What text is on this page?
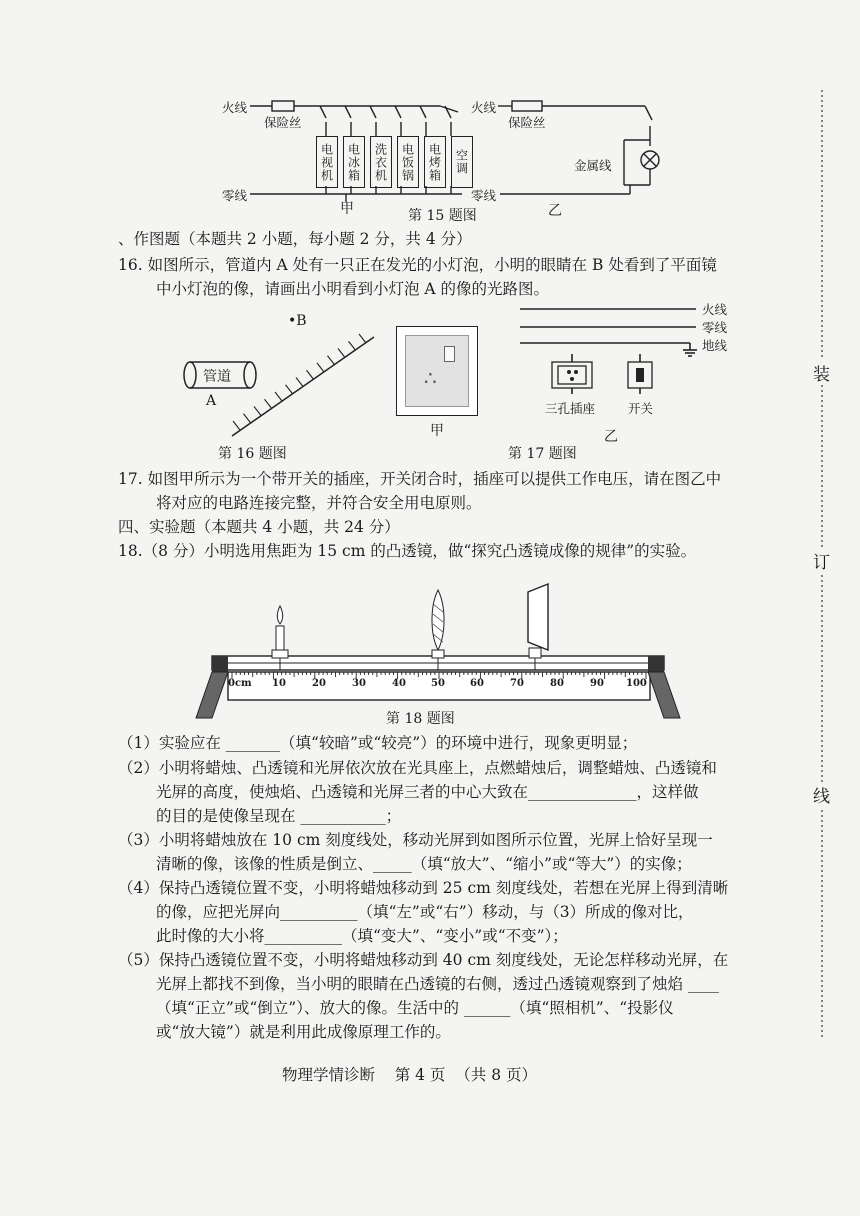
火线
保险丝
零线
电视机	电冰箱	洗衣机	电饭锅	电烤箱	空调
甲
火线
保险丝
金属线
零线
乙
第 15 题图
、作图题（本题共 2 小题，每小题 2 分，共 4 分）
16. 如图所示，管道内 A 处有一只正在发光的小灯泡，小明的眼睛在 B 处看到了平面镜
中小灯泡的像，请画出小明看到小灯泡 A 的像的光路图。
•B
管道
A
第 16 题图
∴
甲
火线
零线
地线
三孔插座	开关
乙
第 17 题图
17. 如图甲所示为一个带开关的插座，开关闭合时，插座可以提供工作电压，请在图乙中
将对应的电路连接完整，并符合安全用电原则。
四、实验题（本题共 4 小题，共 24 分）
18.（8 分）小明选用焦距为 15 cm 的凸透镜，做“探究凸透镜成像的规律”的实验。
0cm 10	20	30	40	50	60	70	80	90 100
第 18 题图
（1）实验应在 _______（填“较暗”或“较亮”）的环境中进行，现象更明显；
（2）小明将蜡烛、凸透镜和光屏依次放在光具座上，点燃蜡烛后，调整蜡烛、凸透镜和
光屏的高度，使烛焰、凸透镜和光屏三者的中心大致在______________，这样做
的目的是使像呈现在 ___________；
（3）小明将蜡烛放在 10 cm 刻度线处，移动光屏到如图所示位置，光屏上恰好呈现一
清晰的像，该像的性质是倒立、_____（填“放大”、“缩小”或“等大”）的实像；
（4）保持凸透镜位置不变，小明将蜡烛移动到 25 cm 刻度线处，若想在光屏上得到清晰
的像，应把光屏向__________（填“左”或“右”）移动，与（3）所成的像对比，
此时像的大小将__________（填“变大”、“变小”或“不变”）；
（5）保持凸透镜位置不变，小明将蜡烛移动到 40 cm 刻度线处，无论怎样移动光屏，在
光屏上都找不到像，当小明的眼睛在凸透镜的右侧，透过凸透镜观察到了烛焰 ____
（填“正立”或“倒立”）、放大的像。生活中的 ______（填“照相机”、“投影仪
或“放大镜”）就是利用此成像原理工作的。
物理学情诊断    第 4 页  （共 8 页）
装
订
线
